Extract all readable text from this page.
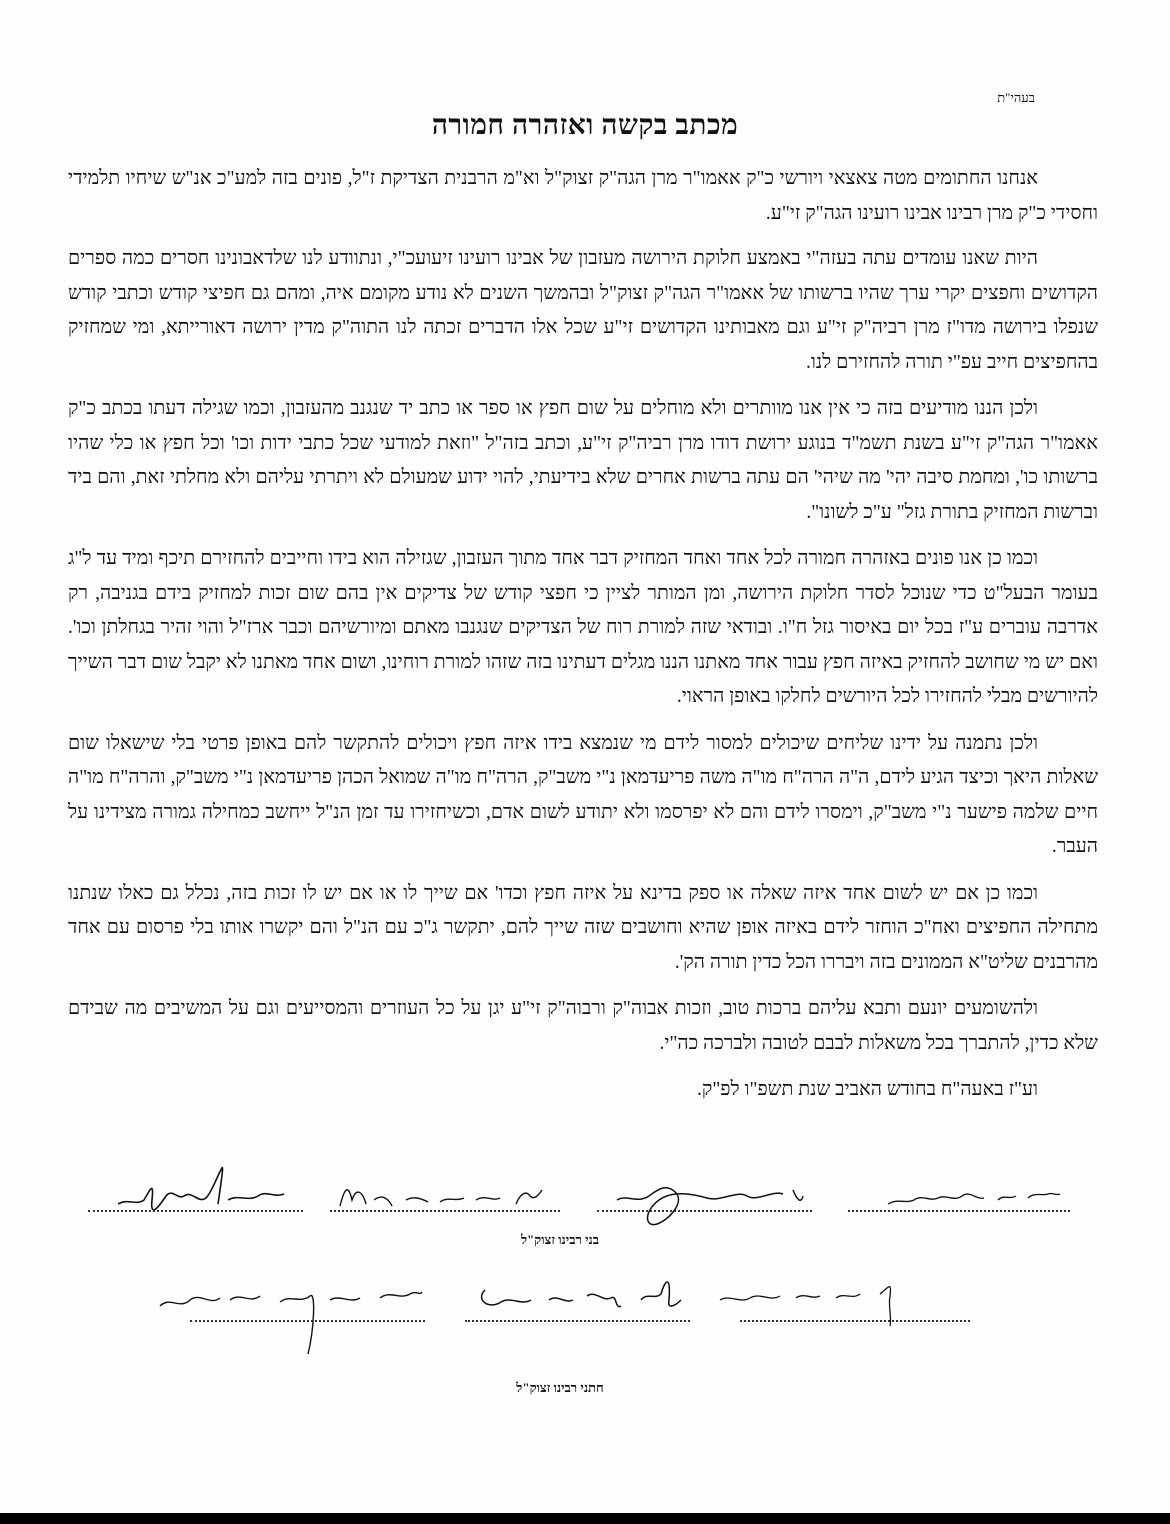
בעהי"ת
מכתב בקשה ואזהרה חמורה

אנחנו החתומים מטה צאצאי ויורשי כ"ק אאמו"ר מרן הגה"ק זצוק"ל וא"מ הרבנית הצדיקת ז"ל, פונים בזה למע"כ אנ"ש שיחיו תלמידי וחסידי כ"ק מרן רבינו אבינו רועינו הגה"ק זי"ע.

היות שאנו עומדים עתה בעזה"י באמצע חלוקת הירושה מעזבון של אבינו רועינו זיעועכ"י, ונתוודע לנו שלדאבונינו חסרים כמה ספרים הקדושים וחפצים יקרי ערך שהיו ברשותו של אאמו"ר הגה"ק זצוק"ל ובהמשך השנים לא נודע מקומם איה, ומהם גם חפיצי קודש וכתבי קודש שנפלו בירושה מדו"ז מרן רביה"ק זי"ע וגם מאבותינו הקדושים זי"ע שכל אלו הדברים זכתה לנו התוה"ק מדין ירושה דאורייתא, ומי שמחזיק בהחפיצים חייב עפ"י תורה להחזירם לנו.

ולכן הננו מודיעים בזה כי אין אנו מוותרים ולא מוחלים על שום חפץ או ספר או כתב יד שנגנב מהעזבון, וכמו שגילה דעתו בכתב כ"ק אאמו"ר הגה"ק זי"ע בשנת תשמ"ד בנוגע ירושת דודו מרן רביה"ק זי"ע, וכתב בזה"ל "וזאת למודעי שכל כתבי ידות וכו' וכל חפץ או כלי שהיו ברשותו כו', ומחמת סיבה יהי' מה שיהי' הם עתה ברשות אחרים שלא בידיעתי, להוי ידוע שמעולם לא ויתרתי עליהם ולא מחלתי זאת, והם ביד וברשות המחזיק בתורת גזל" ע"כ לשונו".

וכמו כן אנו פונים באזהרה חמורה לכל אחד ואחד המחזיק דבר אחד מתוך העזבון, שגזילה הוא בידו וחייבים להחזירם תיכף ומיד עד ל"ג בעומר הבעל"ט כדי שנוכל לסדר חלוקת הירושה, ומן המותר לציין כי חפצי קודש של צדיקים אין בהם שום זכות למחזיק בידם בגניבה, רק אדרבה עוברים ע"ז בכל יום באיסור גזל ח"ו. ובודאי שזה למורת רוח של הצדיקים שנגנבו מאתם ומיורשיהם וכבר ארז"ל והוי זהיר בגחלתן וכו'. ואם יש מי שחושב להחזיק באיזה חפץ עבור אחד מאתנו הננו מגלים דעתינו בזה שזהו למורת רוחינו, ושום אחד מאתנו לא יקבל שום דבר השייך להיורשים מבלי להחזירו לכל היורשים לחלקו באופן הראוי.

ולכן נתמנה על ידינו שליחים שיכולים למסור לידם מי שנמצא בידו איזה חפץ ויכולים להתקשר להם באופן פרטי בלי שישאלו שום שאלות היאך וכיצד הגיע לידם, ה"ה הרה"ח מו"ה משה פריעדמאן נ"י משב"ק, הרה"ח מו"ה שמואל הכהן פריעדמאן נ"י משב"ק, והרה"ח מו"ה חיים שלמה פישער נ"י משב"ק, וימסרו לידם והם לא יפרסמו ולא יתודע לשום אדם, וכשיחזירו עד זמן הנ"ל ייחשב כמחילה גמורה מצידינו על העבר.

וכמו כן אם יש לשום אחד איזה שאלה או ספק בדינא על איזה חפץ וכדו' אם שייך לו או אם יש לו זכות בזה, נכלל גם כאלו שנתנו מתחילה החפיצים ואח"כ הוחזר לידם באיזה אופן שהיא וחושבים שזה שייך להם, יתקשר ג"כ עם הנ"ל והם יקשרו אותו בלי פרסום עם אחד מהרבנים שליט"א הממונים בזה ויבררו הכל כדין תורה הק'.

ולהשומעים יונעם ותבא עליהם ברכות טוב, וזכות אבוה"ק ורבוה"ק זי"ע יגן על כל העוזרים והמסייעים וגם על המשיבים מה שבידם שלא כדין, להתברך בכל משאלות לבבם לטובה ולברכה כה"י.

וע"ז באעה"ח בחודש האביב שנת תשפ"ו לפ"ק.

בני רבינו זצוק"ל
חתני רבינו זצוק"ל
